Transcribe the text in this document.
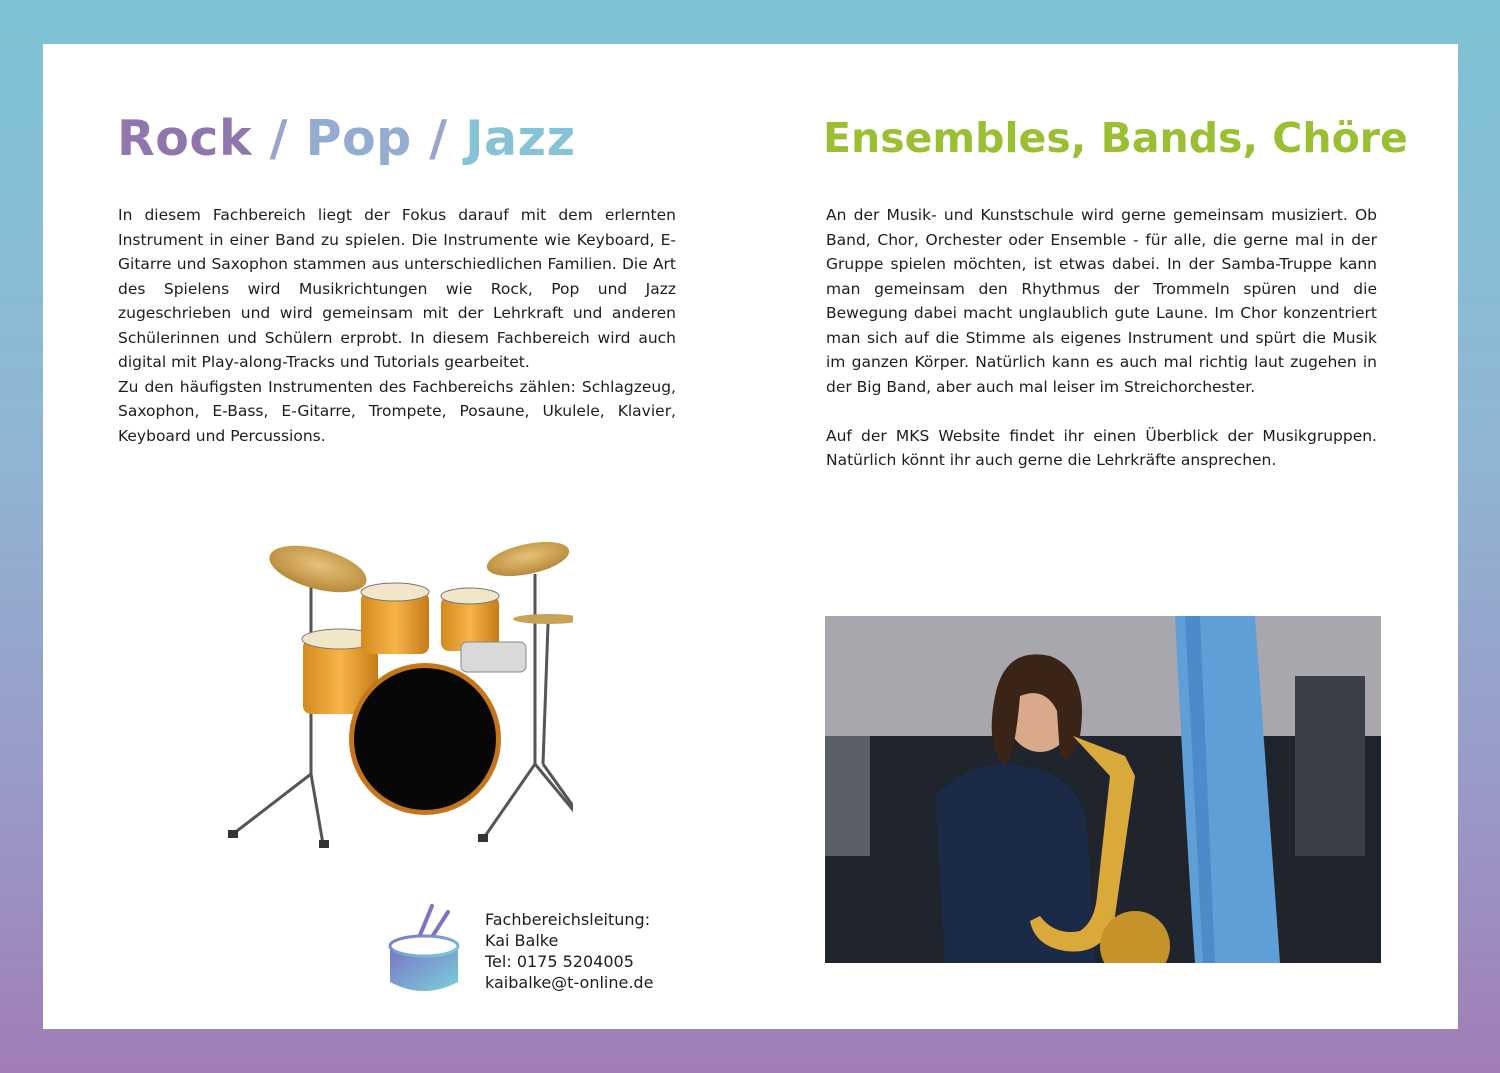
Rock / Pop / Jazz

In diesem Fachbereich liegt der Fokus darauf mit dem erlernten Instrument in einer Band zu spielen. Die Instrumente wie Keyboard, E-Gitarre und Saxophon stammen aus unterschiedlichen Familien. Die Art des Spielens wird Musikrichtungen wie Rock, Pop und Jazz zugeschrieben und wird gemeinsam mit der Lehrkraft und anderen Schülerinnen und Schülern erprobt. In diesem Fachbereich wird auch digital mit Play-along-Tracks und Tutorials gearbeitet.

Zu den häufigsten Instrumenten des Fachbereichs zählen: Schlagzeug, Saxophon, E-Bass, E-Gitarre, Trompete, Posaune, Ukulele, Klavier, Keyboard und Percussions.

Fachbereichsleitung:
Kai Balke
Tel: 0175 5204005
kaibalke@t-online.de
Ensembles, Bands, Chöre

An der Musik- und Kunstschule wird gerne gemeinsam musiziert. Ob Band, Chor, Orchester oder Ensemble - für alle, die gerne mal in der Gruppe spielen möchten, ist etwas dabei. In der Samba-Truppe kann man gemeinsam den Rhythmus der Trommeln spüren und die Bewegung dabei macht unglaublich gute Laune. Im Chor konzentriert man sich auf die Stimme als eigenes Instrument und spürt die Musik im ganzen Körper. Natürlich kann es auch mal richtig laut zugehen in der Big Band, aber auch mal leiser im Streichorchester.

Auf der MKS Website findet ihr einen Überblick der Musikgruppen. Natürlich könnt ihr auch gerne die Lehrkräfte ansprechen.
